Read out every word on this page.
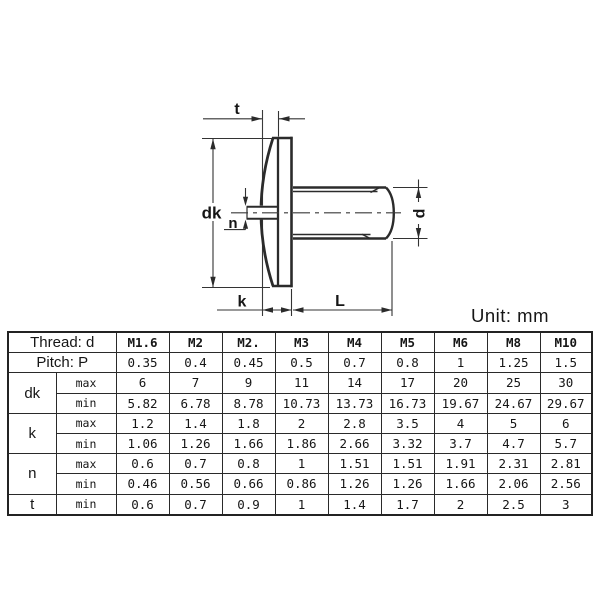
t
dk
n
k	L
d
Unit: mm
Thread: d		M1.6	M2	M2.	M3	M4	M5	M6	M8	M10
Pitch: P		0.35	0.4	0.45	0.5	0.7	0.8	1	1.25	1.5
dk	max	6	7	9	11	14	17	20	25	30
	min	5.82	6.78	8.78	10.73	13.73	16.73	19.67	24.67	29.67
k	max	1.2	1.4	1.8	2	2.8	3.5	4	5	6
	min	1.06	1.26	1.66	1.86	2.66	3.32	3.7	4.7	5.7
n	max	0.6	0.7	0.8	1	1.51	1.51	1.91	2.31	2.81
	min	0.46	0.56	0.66	0.86	1.26	1.26	1.66	2.06	2.56
t	min	0.6	0.7	0.9	1	1.4	1.7	2	2.5	3
